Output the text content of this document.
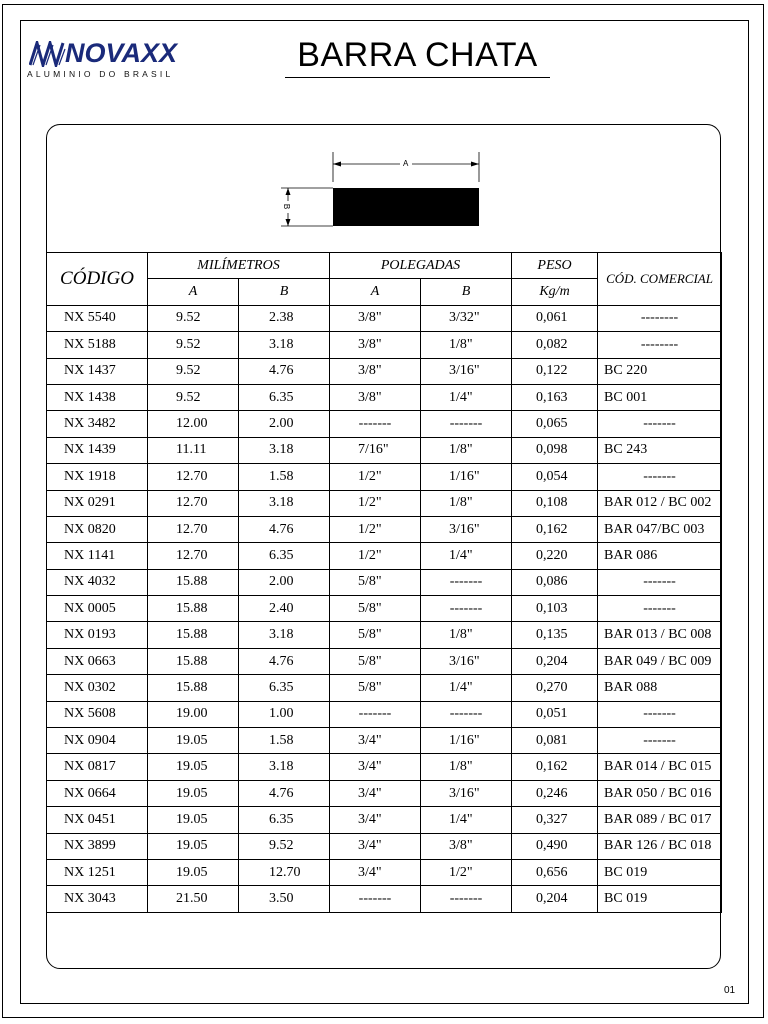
NOVAXX
ALUMINIO DO BRASIL	BARRA CHATA
A
B
CÓDIGO	MILÍMETROS		POLEGADAS		PESO	CÓD. COMERCIAL
	A	B	A	B	Kg/m	
NX 5540	9.52	2.38	3/8"	3/32"	0,061	--------
NX 5188	9.52	3.18	3/8"	1/8"	0,082	--------
NX 1437	9.52	4.76	3/8"	3/16"	0,122	BC 220
NX 1438	9.52	6.35	3/8"	1/4"	0,163	BC 001
NX 3482	12.00	2.00	-------	-------	0,065	-------
NX 1439	11.11	3.18	7/16"	1/8"	0,098	BC 243
NX 1918	12.70	1.58	1/2"	1/16"	0,054	-------
NX 0291	12.70	3.18	1/2"	1/8"	0,108	BAR 012 / BC 002
NX 0820	12.70	4.76	1/2"	3/16"	0,162	BAR 047/BC 003
NX 1141	12.70	6.35	1/2"	1/4"	0,220	BAR 086
NX 4032	15.88	2.00	5/8"	-------	0,086	-------
NX 0005	15.88	2.40	5/8"	-------	0,103	-------
NX 0193	15.88	3.18	5/8"	1/8"	0,135	BAR 013 / BC 008
NX 0663	15.88	4.76	5/8"	3/16"	0,204	BAR 049 / BC 009
NX 0302	15.88	6.35	5/8"	1/4"	0,270	BAR 088
NX 5608	19.00	1.00	-------	-------	0,051	-------
NX 0904	19.05	1.58	3/4"	1/16"	0,081	-------
NX 0817	19.05	3.18	3/4"	1/8"	0,162	BAR 014 / BC 015
NX 0664	19.05	4.76	3/4"	3/16"	0,246	BAR 050 / BC 016
NX 0451	19.05	6.35	3/4"	1/4"	0,327	BAR 089 / BC 017
NX 3899	19.05	9.52	3/4"	3/8"	0,490	BAR 126 / BC 018
NX 1251	19.05	12.70	3/4"	1/2"	0,656	BC 019
NX 3043	21.50	3.50	-------	-------	0,204	BC 019
01
